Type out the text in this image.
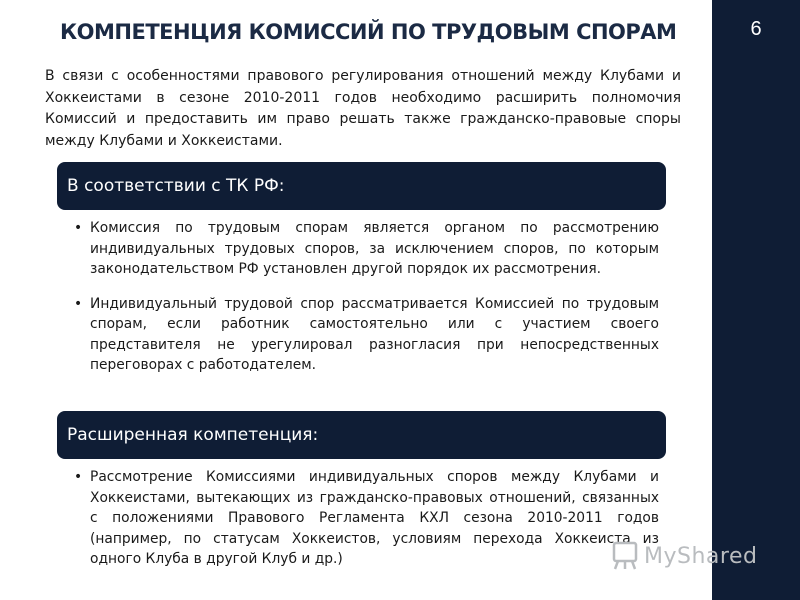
6
КОМПЕТЕНЦИЯ КОМИССИЙ ПО ТРУДОВЫМ СПОРАМ
В связи с особенностями правового регулирования отношений между Клубами и Хоккеистами в сезоне 2010-2011 годов необходимо расширить полномочия Комиссий и предоставить им право решать также гражданско-правовые споры между Клубами и Хоккеистами.
В соответствии с ТК РФ:
• Комиссия по трудовым спорам является органом по рассмотрению индивидуальных трудовых споров, за исключением споров, по которым законодательством РФ установлен другой порядок их рассмотрения.
• Индивидуальный трудовой спор рассматривается Комиссией по трудовым спорам, если работник самостоятельно или с участием своего представителя не урегулировал разногласия при непосредственных переговорах с работодателем.
Расширенная компетенция:
• Рассмотрение Комиссиями индивидуальных споров между Клубами и Хоккеистами, вытекающих из гражданско-правовых отношений, связанных с положениями Правового Регламента КХЛ сезона 2010-2011 годов (например, по статусам Хоккеистов, условиям перехода Хоккеиста из одного Клуба в другой Клуб и др.)	MyShared
